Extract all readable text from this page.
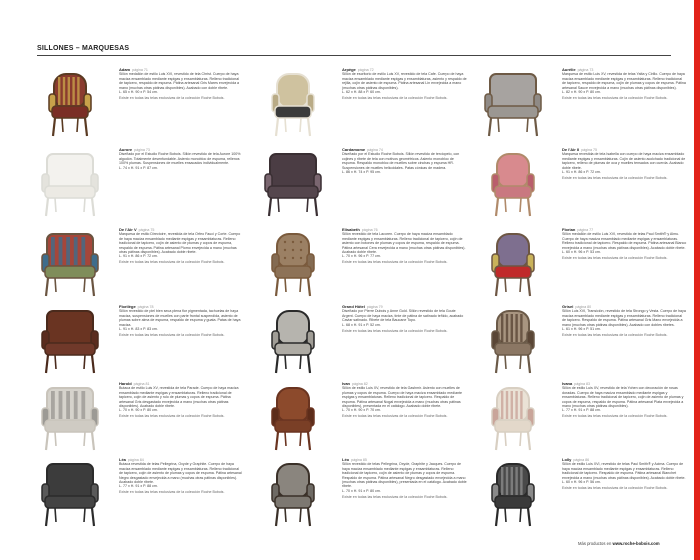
SILLONES – MARQUESAS
Adam página 71
Sillón medallón de estilo Luis XVI, revestido de tela Christ. Cuerpo de haya maciza ensamblado mediante espigas y ensamblaturas. Relleno tradicional de tapicero, respaldo de espuma. Pátina artesanal Gris Mares envejecida a mano (muchas otras pátinas disponibles). Acabado con doble ribete.
L. 65 x H. 90 x P. 54 cm.
Existe en todas las telas exclusivas de la colección Roche Bobois.
Arpège página 72
Sillón de escritorio de estilo Luis XV, revestido de tela Cafe. Cuerpo de haya maciza ensamblado mediante espigas y ensamblaturas, asiento y respaldo de rejilla, cojín de asiento de espuma. Pátina artesanal Lin envejecida a mano (muchas otras pátinas disponibles).
L. 62 x H. 88 x P. 60 cm.
Existe en todas las telas exclusivas de la colección Roche Bobois.
Aurélie página 73
Marquesa de estilo Luis XV, revestida de telas Yalta y Cirillo. Cuerpo de haya maciza ensamblado mediante espigas y ensamblaturas. Relleno tradicional de tapicero, respaldo de espuma, cojín de plumas y copos de espuma. Pátina artesanal Sauce envejecida a mano (muchas otras pátinas disponibles).
L. 82 x H. 90 x P. 80 cm.
Existe en todas las telas exclusivas de la colección Roche Bobois.
Aurore página 73
Diseñado por el Estudio Roche Bobois. Sillón revestido de tela Aurore 100% algodón. Totalmente desenfundable. Asiento monobloc de espuma, rellenos 100% plumas. Suspensiones de muelles ensacados individualmente.
L. 74 x H. 91 x P. 87 cm.
Cardamome página 74
Diseñado por el Estudio Roche Bobois. Sillón revestido de terciopelo, con cojines y ribete de tela con motivos geométricos. Asiento monobloc de espuma. Respaldo monobloc de muelles sobre cinchas y espuma HR. Suspensiones de muelles helicoidales. Patas cónicas de madera.
L. 86 x H. 74 x P. 95 cm.
De l'Air II página 75
Marquesa revestida de tela Isabella con cuerpo de haya maciza ensamblado mediante espigas y ensamblaturas. Cojín de asiento acolchado tradicional de tapicero, relleno de plumas de oca y muelles tensados con cuerda. Acabado doble ribete.
L. 91 x H. 86 x P. 72 cm.
Existe en todas las telas exclusivas de la colección Roche Bobois.
De l'Air V página 75
Marquesa de estilo Directoire, revestida de tela Orfeo Fauci y Corte. Cuerpo de haya maciza ensamblado mediante espigas y ensamblaturas. Relleno tradicional de tapicero, cojín de asiento de plumas y copos de espuma, respaldo de espuma. Pátina artesanal Plomo envejecida a mano (muchas otras pátinas disponibles). Acabado doble ribete.
L. 91 x H. 86 x P. 72 cm.
Existe en todas las telas exclusivas de la colección Roche Bobois.
Elisabeth página 76
Sillón revestido de tela Lacoren. Cuerpo de haya maciza ensamblado mediante espigas y ensamblaturas. Relleno tradicional de tapicero, cojín de asiento con botones de plumas y copos de espuma, respaldo de espuma. Pátina artesanal Cera envejecida a mano (muchas otras pátinas disponibles). Acabado doble ribete.
L. 70 x H. 96 x P. 77 cm.
Existe en todas las telas exclusivas de la colección Roche Bobois.
Florian página 77
Sillón medallón de estilo Luis XVI, revestido de telas Paul Smith® y Almu. Cuerpo de haya maciza ensamblado mediante espigas y ensamblaturas. Relleno tradicional de tapicero. Respaldo de espuma. Pátina artesanal Blanco envejecida a mano (muchas otras pátinas disponibles). Acabado doble ribete.
L. 60 x H. 96 x P. 53 cm.
Existe en todas las telas exclusivas de la colección Roche Bobois.
Florilège página 78
Sillón revestido de piel bien seca plena flor pigmentada, tachuelas de haya maciza, suspensiones de muelles con parte frontal suspendida, asiento de plumas sobre alma de espuma, respaldo de espuma y guata. Patas de haya maciza.
L. 91 x H. 83 x P. 83 cm.
Existe en todas las telas exclusivas de la colección Roche Bobois.
Grand Hôtel página 79
Diseñado por Pierre Dubois y Anne Gold. Sillón revestido de tela Goute Argent. Cuerpo de haya maciza, tinte de pátina de satinado teñido, acabado Caviar satinado. Ribete de tela Baucane Topo.
L. 68 x H. 91 x P. 52 cm.
Existe en todas las telas exclusivas de la colección Roche Bobois.
Grisel página 80
Sillón Luis XVI, Transición, revestido de tela Strongo y Vesta. Cuerpo de haya maciza ensamblado mediante espigas y ensamblaturas. Relleno tradicional de tapicero. Respaldo de espuma. Pátina artesanal Gris Mano envejecida a mano (muchas otras pátinas disponibles). Acabado con dobles ribetes.
L. 61 x H. 96 x P. 51 cm.
Existe en todas las telas exclusivas de la colección Roche Bobois.
Harold página 81
Butaca de estilo Luis XV, revestida de tela Parade. Cuerpo de haya maciza ensamblado mediante espigas y ensamblaturas. Relleno tradicional de tapicero, cojín de asiento y rulo de plumas y copos de espuma. Pátina artesanal Gris desgastado envejecida a mano (muchas otras pátinas disponibles). Acabado doble ribete.
L. 70 x H. 90 x P. 80 cm.
Existe en todas las telas exclusivas de la colección Roche Bobois.
Ivan página 82
Sillón de estilo Luis XV, revestido de tela Gashmir. Asiento con muelles de plumas y copos de espuma. Cuerpo de haya maciza ensamblado mediante espigas y ensamblaturas. Relleno tradicional de tapicero. Respaldo de espuma. Pátina artesanal Nogal envejecida a mano (muchas otras pátinas disponibles), presentada en el catálogo. Acabado doble ribete.
L. 70 x H. 90 x P. 70 cm.
Existe en todas las telas exclusivas de la colección Roche Bobois.
Ivana página 83
Sillón de estilo Luis XV, revestido de tela Yohen con decoración de rosas doradas. Cuerpo de haya maciza ensamblado mediante espigas y ensamblaturas. Relleno tradicional de tapicero, cojín de asiento de plumas y copos de espuma, respaldo de espuma. Pátina artesanal Plata envejecida a mano (muchas otras pátinas disponibles).
L. 77 x H. 91 x P. 88 cm.
Existe en todas las telas exclusivas de la colección Roche Bobois.
Léa página 84
Butaca revestida de telas Pellegrina, Oxyde y Graphite. Cuerpo de haya maciza ensamblado mediante espigas y ensamblaturas. Relleno tradicional de tapicero, cojín de asiento de plumas y copos de espuma. Pátina artesanal Negro desgastado envejecida a mano (muchas otras pátinas disponibles). Acabado doble ribete.
L. 77 x H. 91 x P. 88 cm.
Existe en todas las telas exclusivas de la colección Roche Bobois.
Léo página 85
Sillón revestido de telas Pellegrina, Oxyde, Graphite y Jacques. Cuerpo de haya maciza ensamblado mediante espigas y ensamblaturas. Relleno tradicional de tapicero, cojín de asiento de plumas y copos de espuma. Respaldo de espuma. Pátina artesanal Negro desgastado envejecida a mano (muchas otras pátinas disponibles), presentada en el catálogo. Acabado doble ribete.
L. 70 x H. 91 x P. 80 cm.
Existe en todas las telas exclusivas de la colección Roche Bobois.
Lolly página 86
Sillón de estilo Luis XVI, revestido de telas Paul Smith® y Acima. Cuerpo de haya maciza ensamblado mediante espigas y ensamblaturas. Relleno tradicional de tapicero. Respaldo de espuma. Pátina artesanal Blanchet envejecida a mano (muchas otras pátinas disponibles). Acabado doble ribete.
L. 60 x H. 96 x P. 56 cm.
Existe en todas las telas exclusivas de la colección Roche Bobois.
Más productos en www.roche-bobois.com
